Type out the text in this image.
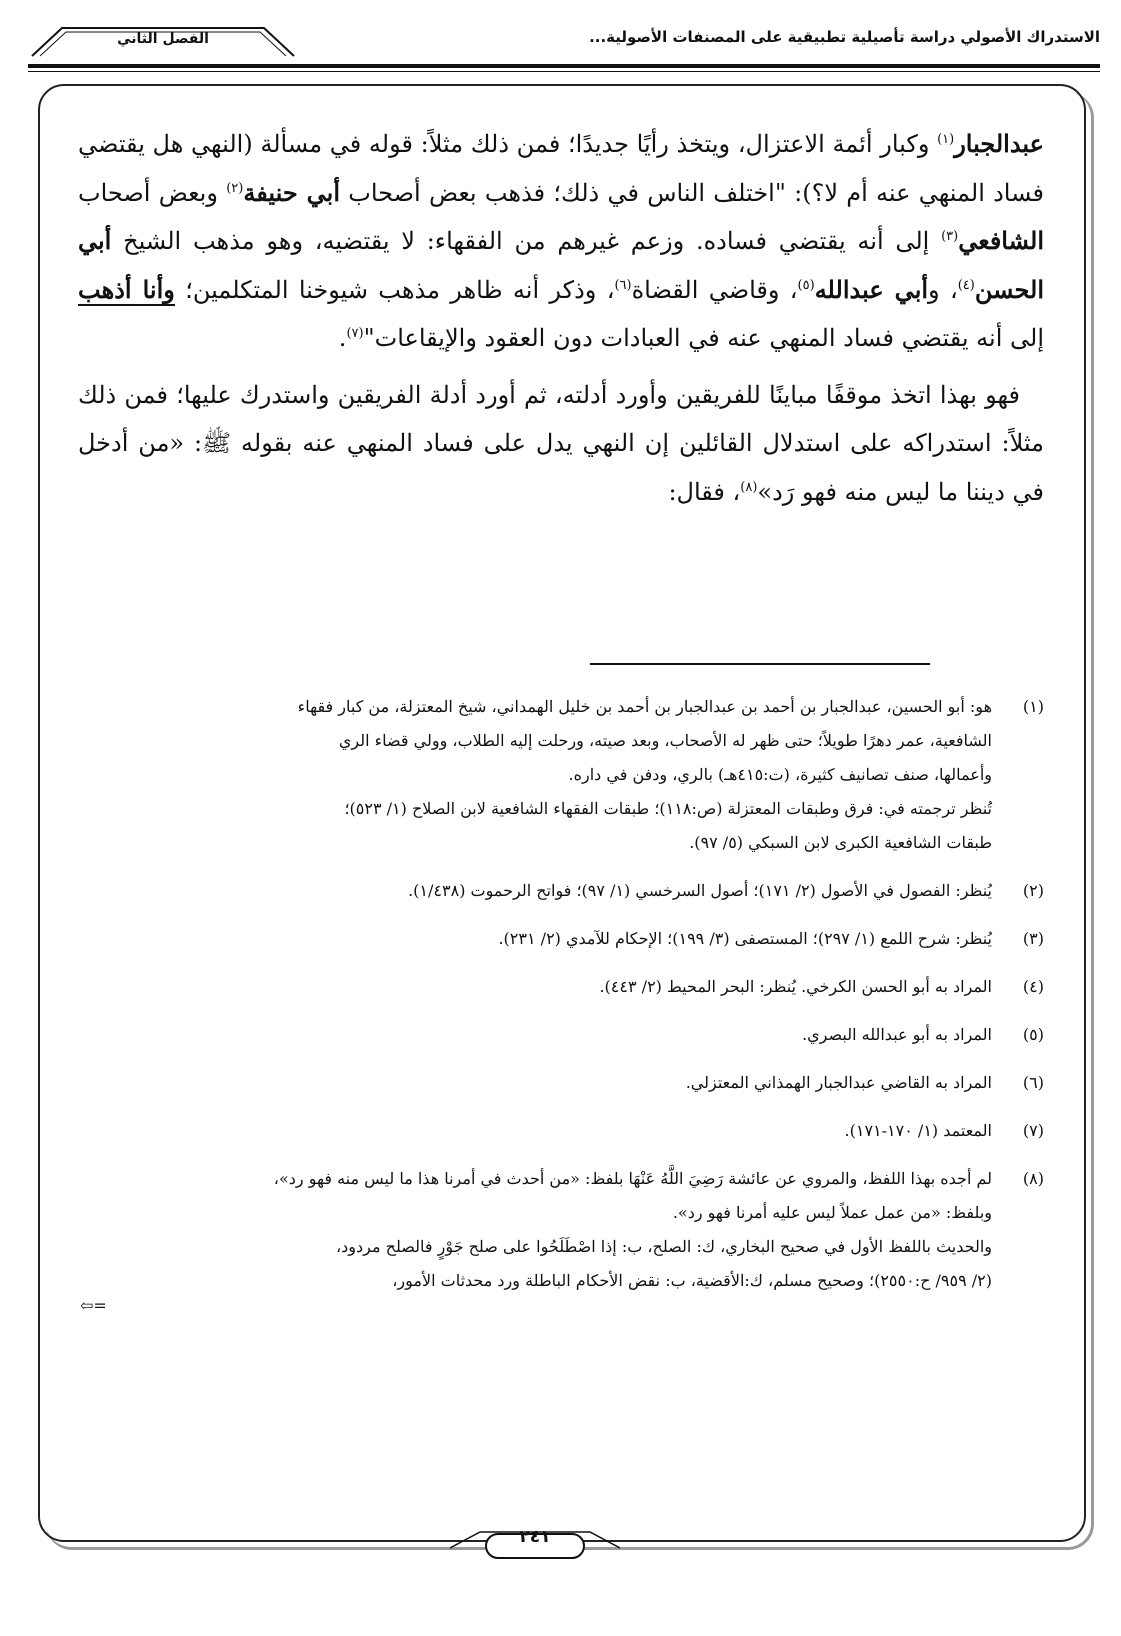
الاستدراك الأصولي دراسة تأصيلية تطبيقية على المصنفات الأصولية...
الفصل الثاني

عبدالجبار$^{(١)}$ وكبار أئمة الاعتزال، ويتخذ رأيًا جديدًا؛ فمن ذلك مثلاً: قوله في مسألة (النهي هل يقتضي فساد المنهي عنه أم لا؟): "اختلف الناس في ذلك؛ فذهب بعض أصحاب أبي حنيفة$^{(٢)}$ وبعض أصحاب الشافعي$^{(٣)}$ إلى أنه يقتضي فساده. وزعم غيرهم من الفقهاء: لا يقتضيه، وهو مذهب الشيخ أبي الحسن$^{(٤)}$، وأبي عبدالله$^{(٥)}$، وقاضي القضاة$^{(٦)}$، وذكر أنه ظاهر مذهب شيوخنا المتكلمين؛ وأنا أذهب إلى أنه يقتضي فساد المنهي عنه في العبادات دون العقود والإيقاعات"$^{(٧)}$.

 فهو بهذا اتخذ موقفًا مباينًا للفريقين وأورد أدلته، ثم أورد أدلة الفريقين واستدرك عليها؛ فمن ذلك مثلاً: استدراكه على استدلال القائلين إن النهي يدل على فساد المنهي عنه بقوله ﷺ: «من أدخل في ديننا ما ليس منه فهو رَد»$^{(٨)}$، فقال:

(١)
هو: أبو الحسين، عبدالجبار بن أحمد بن عبدالجبار بن أحمد بن خليل الهمداني، شيخ المعتزلة، من كبار فقهاء
الشافعية، عمر دهرًا طويلاً؛ حتى ظهر له الأصحاب، وبعد صيته، ورحلت إليه الطلاب، وولي قضاء الري
وأعمالها، صنف تصانيف كثيرة، (ت:٤١٥هـ) بالري، ودفن في داره.
تُنظر ترجمته في: فرق وطبقات المعتزلة (ص:١١٨)؛ طبقات الفقهاء الشافعية لابن الصلاح (١/ ٥٢٣)؛
طبقات الشافعية الكبرى لابن السبكي (٥/ ٩٧).
(٢)
يُنظر: الفصول في الأصول (٢/ ١٧١)؛ أصول السرخسي (١/ ٩٧)؛ فواتح الرحموت (١/٤٣٨).
(٣)
يُنظر: شرح اللمع (١/ ٢٩٧)؛ المستصفى (٣/ ١٩٩)؛ الإحكام للآمدي (٢/ ٢٣١).
(٤)
المراد به أبو الحسن الكرخي. يُنظر: البحر المحيط (٢/ ٤٤٣).
(٥)
المراد به أبو عبدالله البصري.
(٦)
المراد به القاضي عبدالجبار الهمذاني المعتزلي.
(٧)
المعتمد (١/ ١٧٠-١٧١).
(٨)
لم أجده بهذا اللفظ، والمروي عن عائشة رَضِيَ اللَّهُ عَنْهَا بلفظ: «من أحدث في أمرنا هذا ما ليس منه فهو رد»،
وبلفظ: «من عمل عملاً ليس عليه أمرنا فهو رد».
والحديث باللفظ الأول في صحيح البخاري، ك: الصلح، ب: إذا اصْطَلَحُوا على صلح جَوْرٍ فالصلح مردود،
(٢/ ٩٥٩/ ح:٢٥٥٠)؛ وصحيح مسلم، ك:الأقضية، ب: نقض الأحكام الباطلة ورد محدثات الأمور،
⇦=
٢٤١
